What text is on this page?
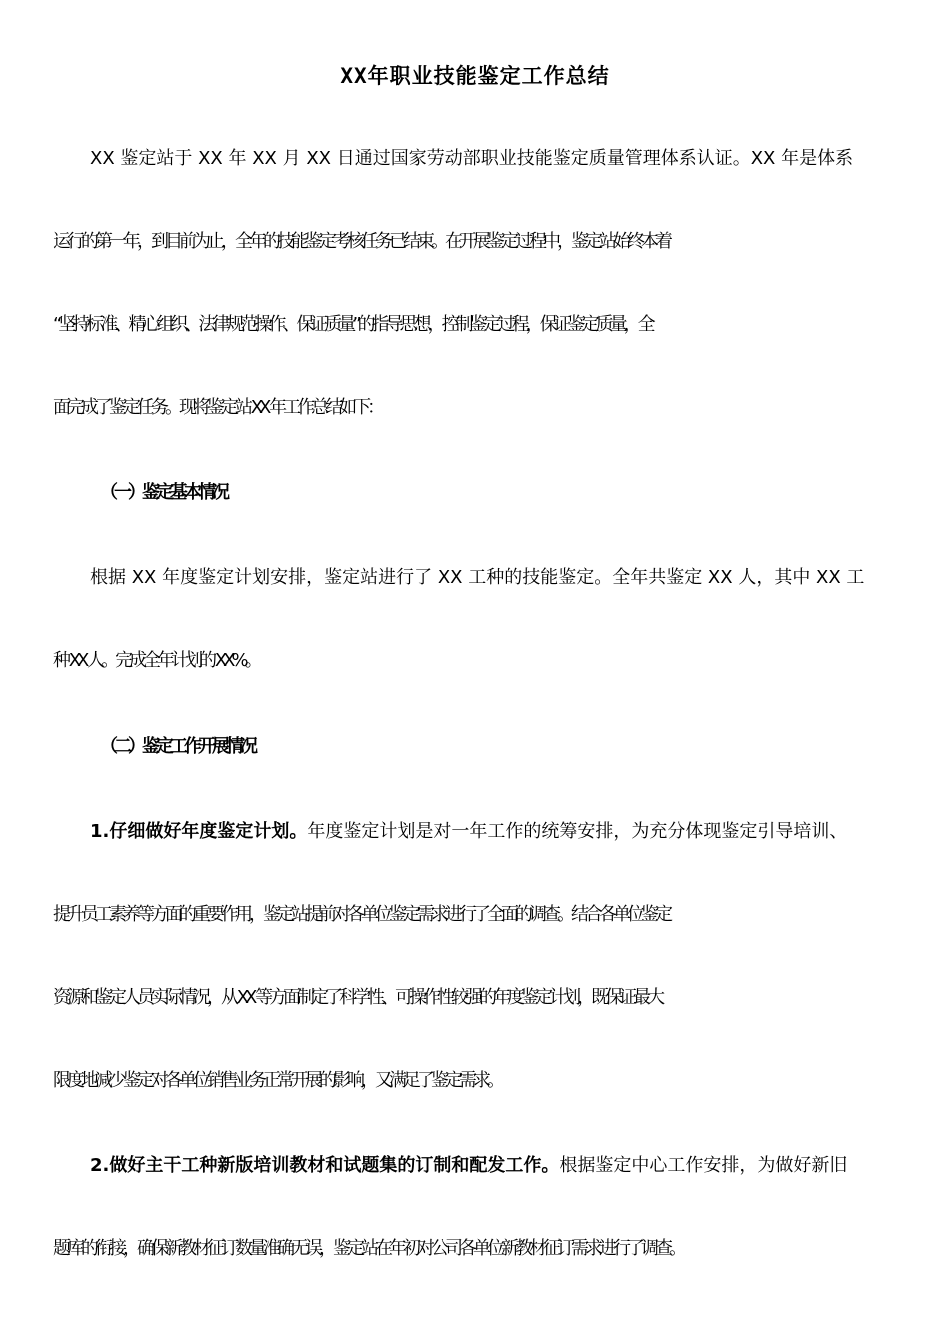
XX年职业技能鉴定工作总结

XX 鉴定站于 XX 年 XX 月 XX 日通过国家劳动部职业技能鉴定质量管理体系认证。XX 年是体系

运行的第一年，到目前为止，全年的技能鉴定考核任务已结束。在开展鉴定过程中，鉴定站始终本着

“坚持标准、精心组织、法律规范操作、保证质量”的指导思想，控制鉴定过程，保证鉴定质量，全

面完成了鉴定任务。现将鉴定站 XX 年工作总结如下：

（一）鉴定基本情况

根据 XX 年度鉴定计划安排，鉴定站进行了 XX 工种的技能鉴定。全年共鉴定 XX 人，其中 XX 工

种 XX 人。完成全年计划的 XX%。

（二）鉴定工作开展情况

1.仔细做好年度鉴定计划。年度鉴定计划是对一年工作的统筹安排，为充分体现鉴定引导培训、

提升员工素养等方面的重要作用，鉴定站提前对各单位鉴定需求进行了全面的调查。结合各单位鉴定

资源和鉴定人员实际情况，从 XX 等方面制定了科学性、可操作性较强的年度鉴定计划，既保证最大

限度地减少鉴定对各单位销售业务正常开展的影响，又满足了鉴定需求。

2.做好主干工种新版培训教材和试题集的订制和配发工作。根据鉴定中心工作安排，为做好新旧

题库的衔接，确保新教材征订数量准确无误，鉴定站在年初对公司各单位新教材征订需求进行了调查。
